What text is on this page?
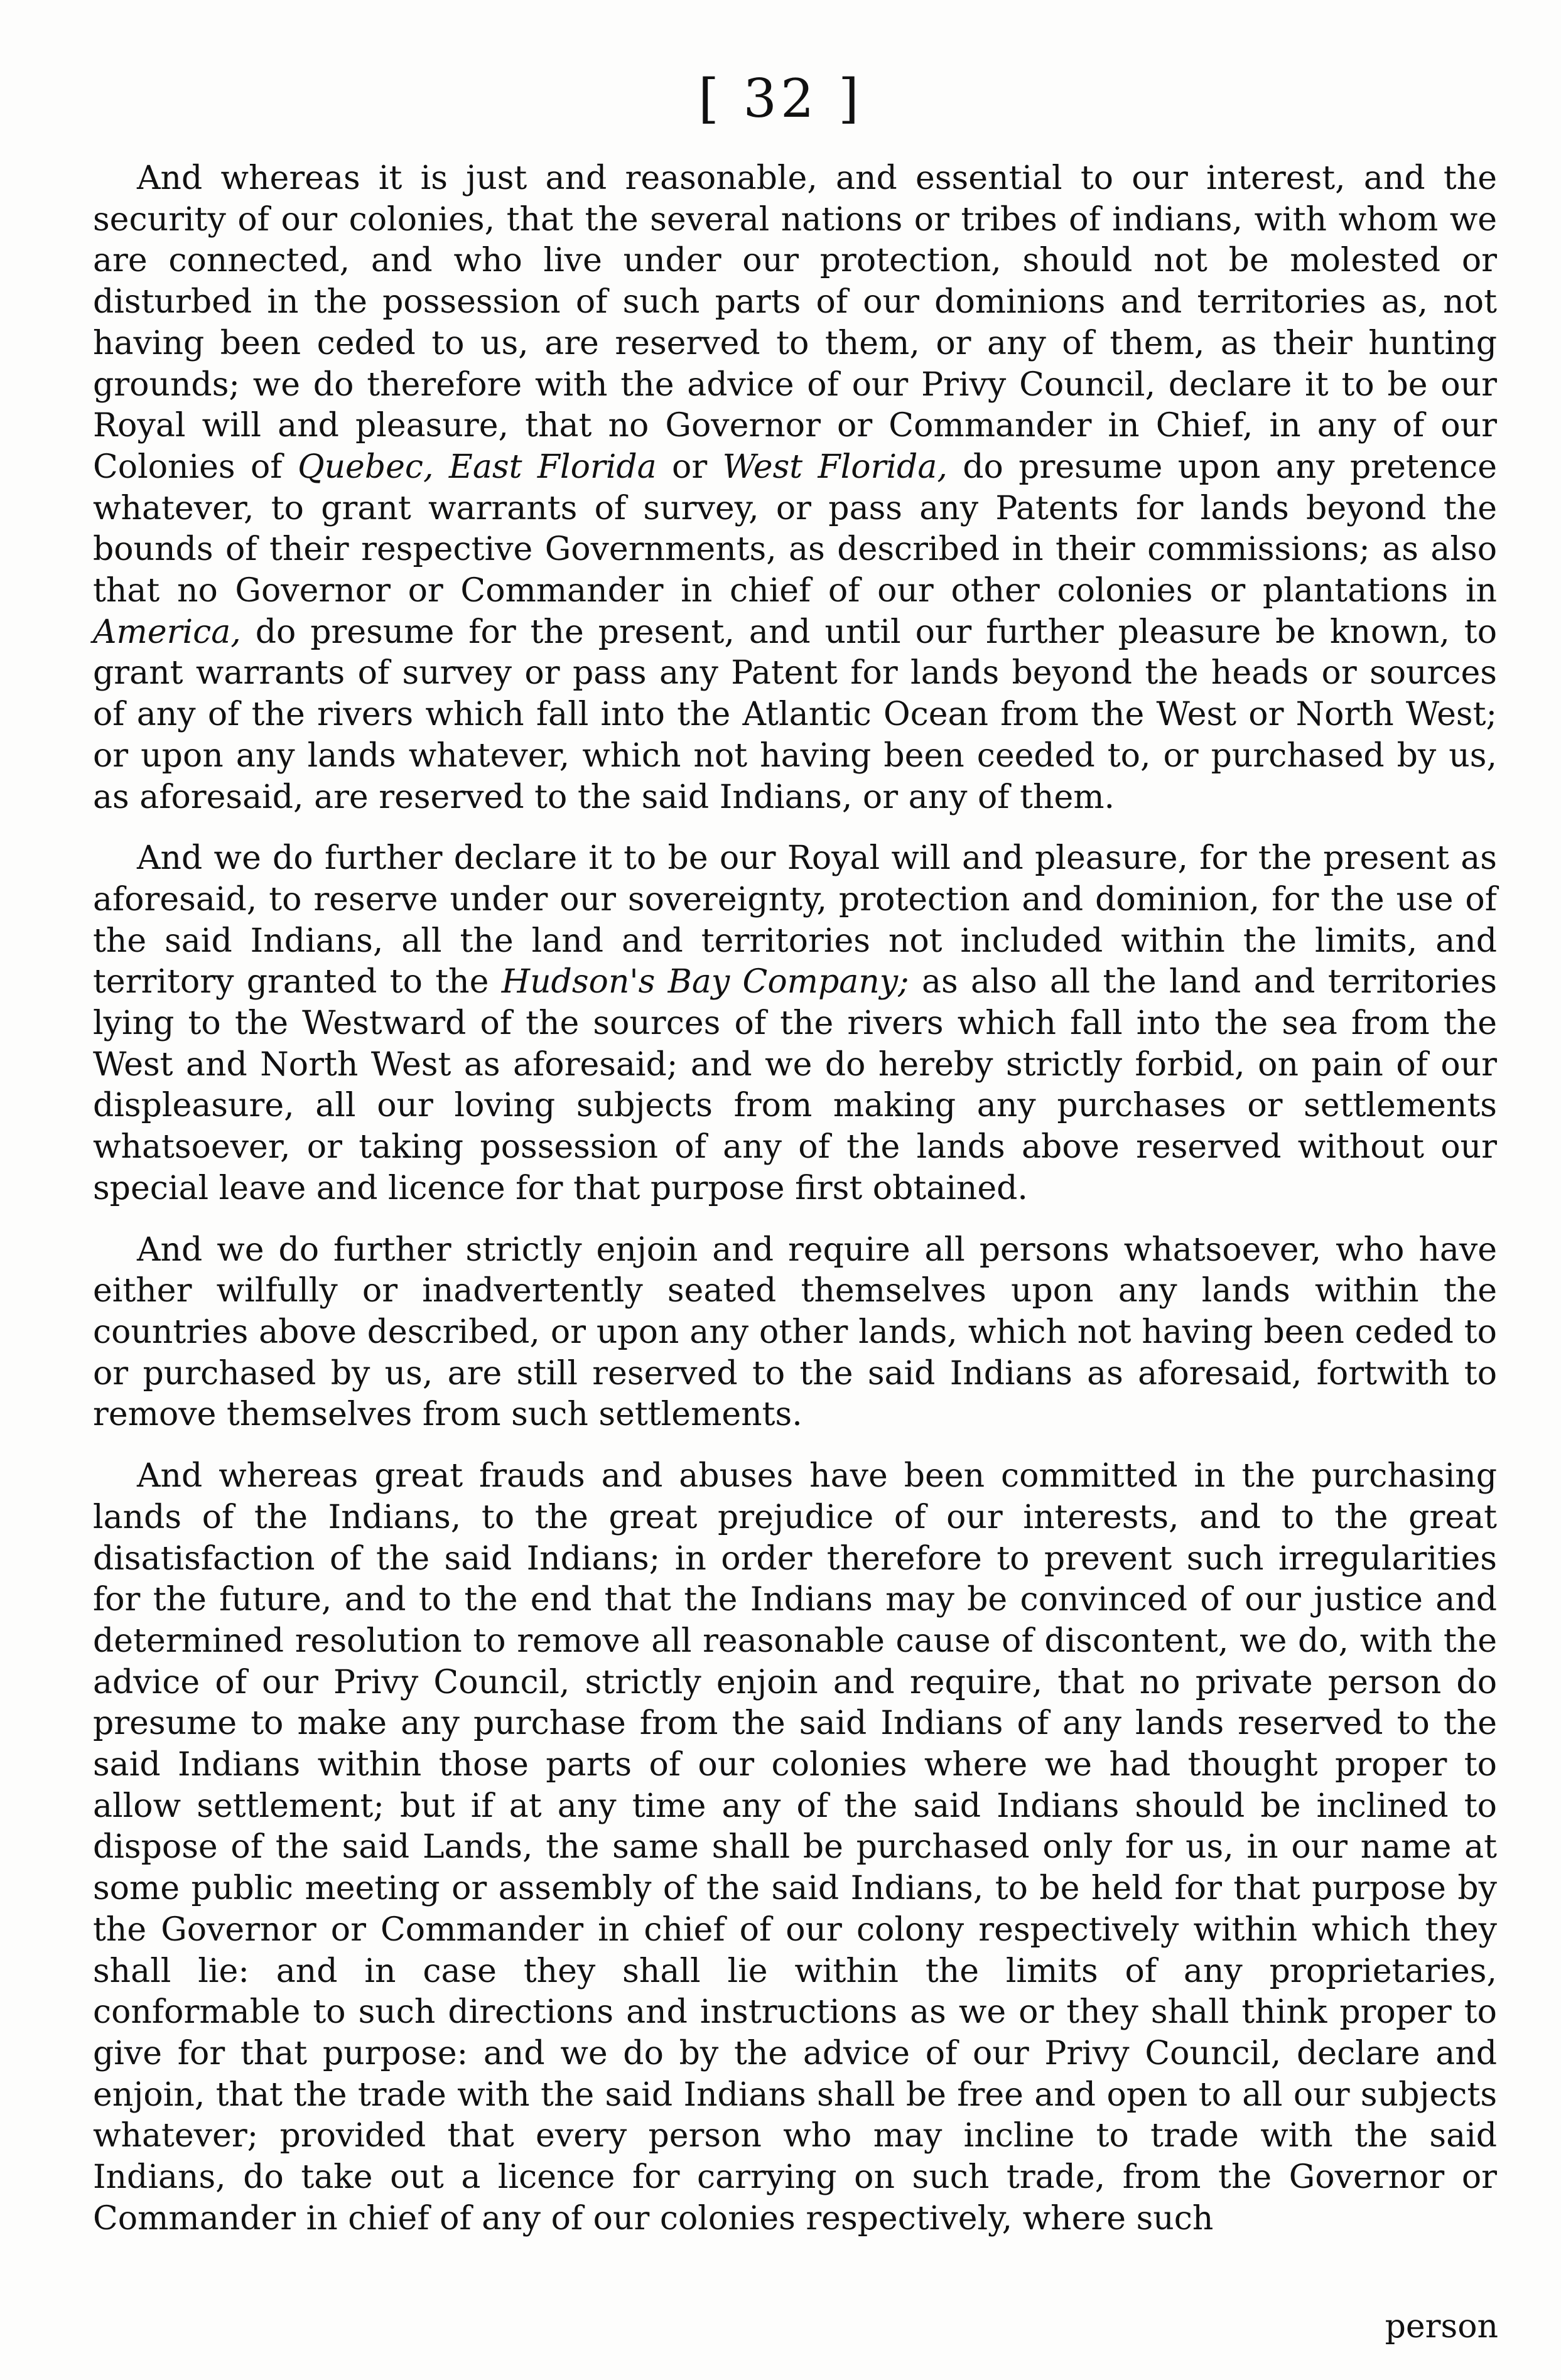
[ 32 ]

And whereas it is just and reasonable, and essential to our interest, and the security of our colonies, that the several nations or tribes of indians, with whom we are connected, and who live under our protection, should not be molested or disturbed in the possession of such parts of our dominions and territories as, not having been ceded to us, are reserved to them, or any of them, as their hunting grounds; we do therefore with the advice of our Privy Council, declare it to be our Royal will and pleasure, that no Governor or Commander in Chief, in any of our Colonies of Quebec, East Florida or West Florida, do presume upon any pretence whatever, to grant warrants of survey, or pass any Patents for lands beyond the bounds of their respective Governments, as described in their commissions; as also that no Governor or Commander in chief of our other colonies or plantations in America, do presume for the present, and until our further pleasure be known, to grant warrants of survey or pass any Patent for lands beyond the heads or sources of any of the rivers which fall into the Atlantic Ocean from the West or North West; or upon any lands whatever, which not having been ceeded to, or purchased by us, as aforesaid, are reserved to the said Indians, or any of them.

And we do further declare it to be our Royal will and pleasure, for the present as aforesaid, to reserve under our sovereignty, protection and dominion, for the use of the said Indians, all the land and territories not included within the limits, and territory granted to the Hudson's Bay Company; as also all the land and territories lying to the Westward of the sources of the rivers which fall into the sea from the West and North West as aforesaid; and we do hereby strictly forbid, on pain of our displeasure, all our loving subjects from making any purchases or settlements whatsoever, or taking possession of any of the lands above reserved without our special leave and licence for that purpose first obtained.

And we do further strictly enjoin and require all persons whatsoever, who have either wilfully or inadvertently seated themselves upon any lands within the countries above described, or upon any other lands, which not having been ceded to or purchased by us, are still reserved to the said Indians as aforesaid, fortwith to remove themselves from such settlements.

And whereas great frauds and abuses have been committed in the purchasing lands of the Indians, to the great prejudice of our interests, and to the great disatisfaction of the said Indians; in order therefore to prevent such irregularities for the future, and to the end that the Indians may be convinced of our justice and determined resolution to remove all reasonable cause of discontent, we do, with the advice of our Privy Council, strictly enjoin and require, that no private person do presume to make any purchase from the said Indians of any lands reserved to the said Indians within those parts of our colonies where we had thought proper to allow settlement; but if at any time any of the said Indians should be inclined to dispose of the said Lands, the same shall be purchased only for us, in our name at some public meeting or assembly of the said Indians, to be held for that purpose by the Governor or Commander in chief of our colony respectively within which they shall lie: and in case they shall lie within the limits of any proprietaries, conformable to such directions and instructions as we or they shall think proper to give for that purpose: and we do by the advice of our Privy Council, declare and enjoin, that the trade with the said Indians shall be free and open to all our subjects whatever; provided that every person who may incline to trade with the said Indians, do take out a licence for carrying on such trade, from the Governor or Commander in chief of any of our colonies respectively, where such

person
